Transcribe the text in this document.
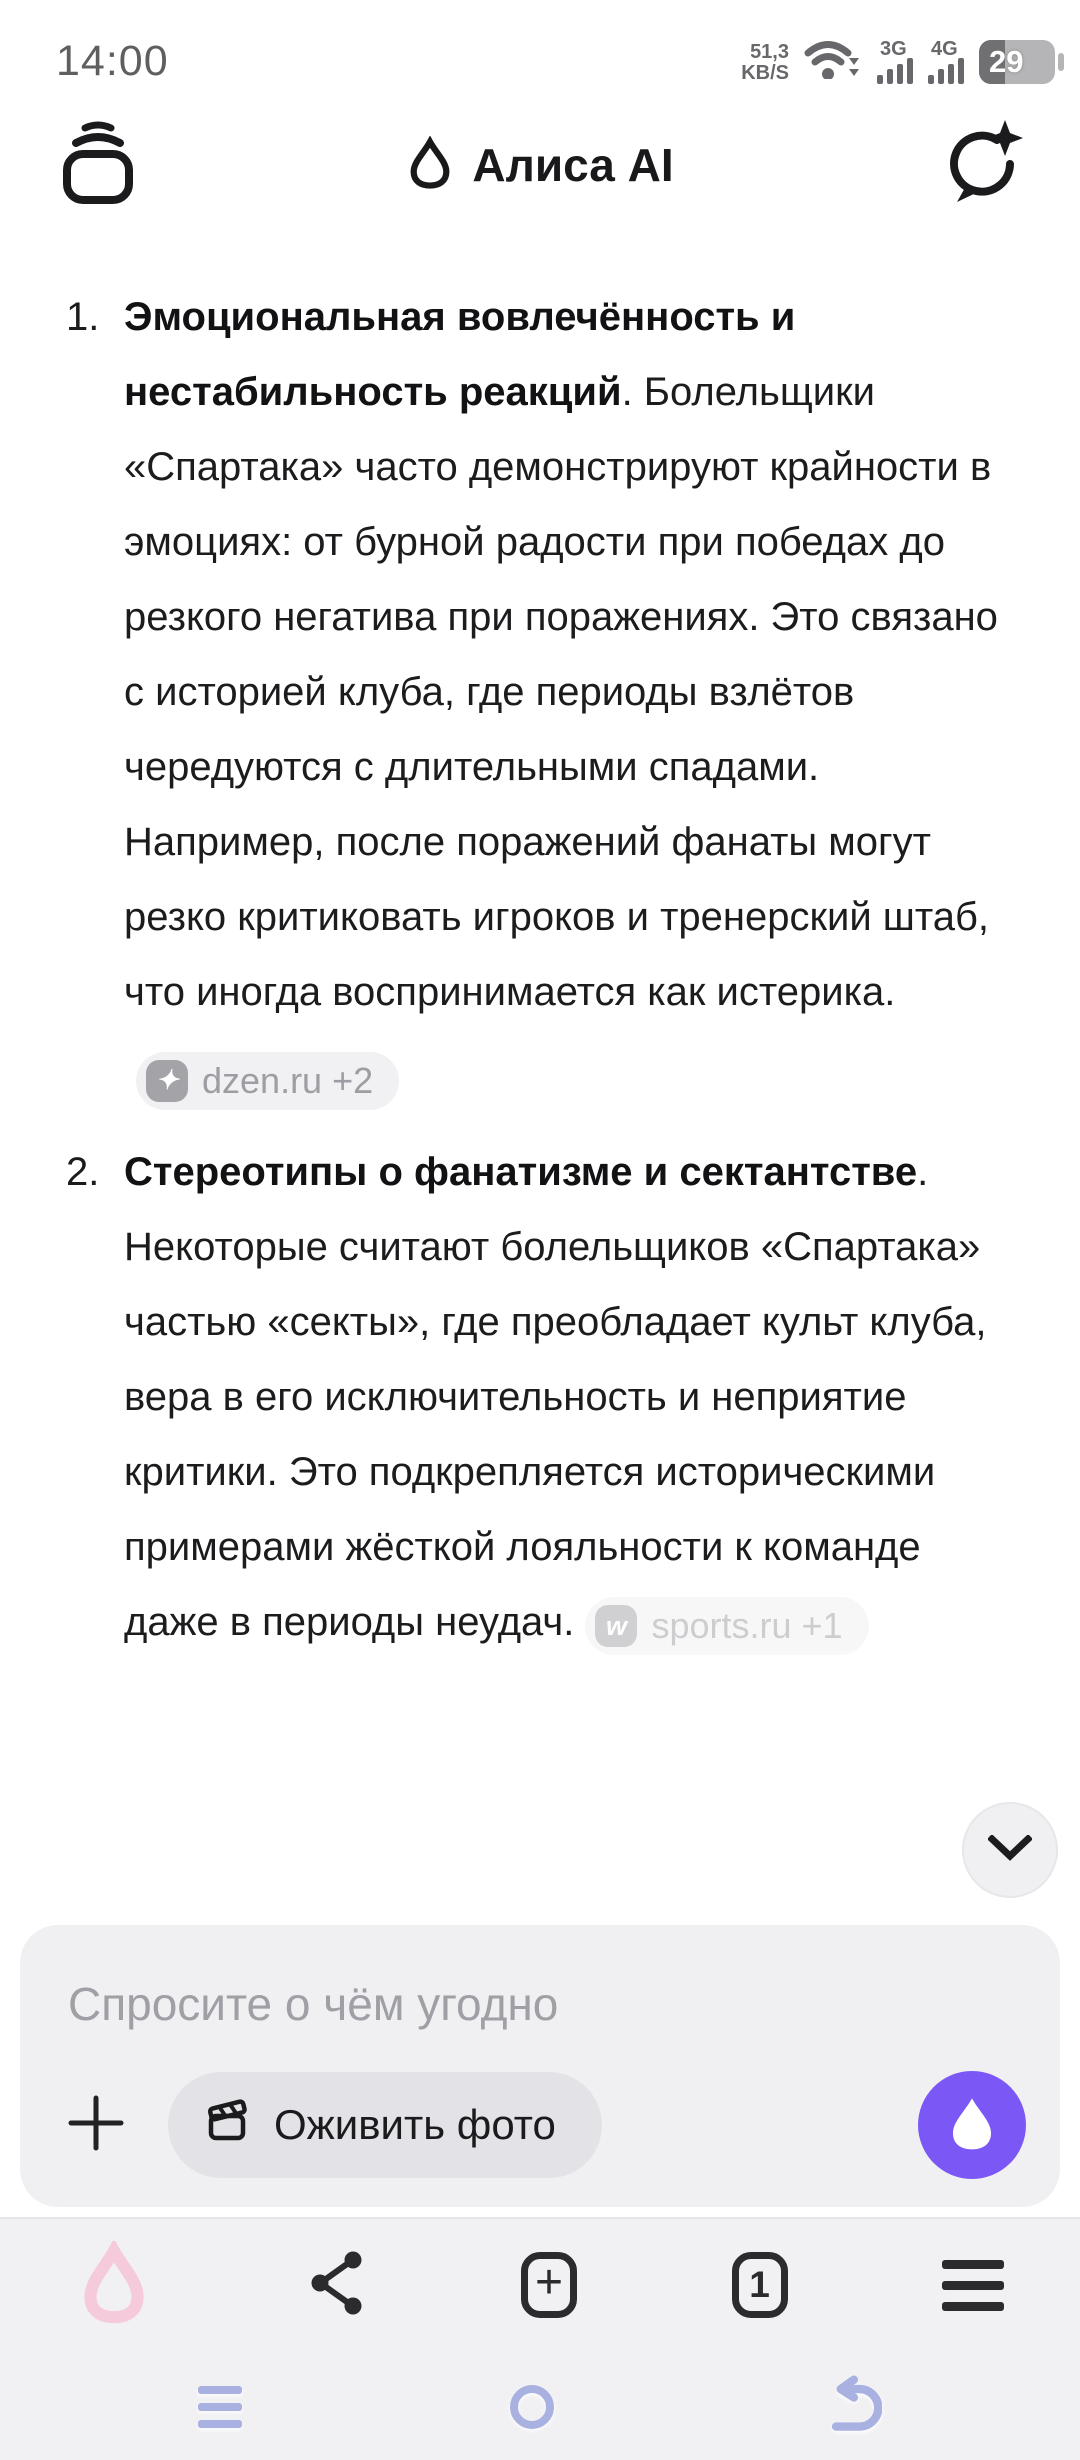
14:00	51,3
KB/S
3G 4G	29
Алиса AI
1. Эмоциональная вовлечённость и нестабильность реакций. Болельщики «Спартака» часто демонстрируют крайности в эмоциях: от бурной радости при победах до резкого негатива при поражениях. Это связано с историей клуба, где периоды взлётов чередуются с длительными спадами. Например, после поражений фанаты могут резко критиковать игроков и тренерский штаб, что иногда воспринимается как истерика.
✦ dzen.ru +2
2. Стереотипы о фанатизме и сектантстве. Некоторые считают болельщиков «Спартака» частью «секты», где преобладает культ клуба, вера в его исключительность и неприятие критики. Это подкрепляется историческими примерами жёсткой лояльности к команде даже в периоды неудач.	w sports.ru +1
Спросите о чём угодно
Оживить фото
+	1
